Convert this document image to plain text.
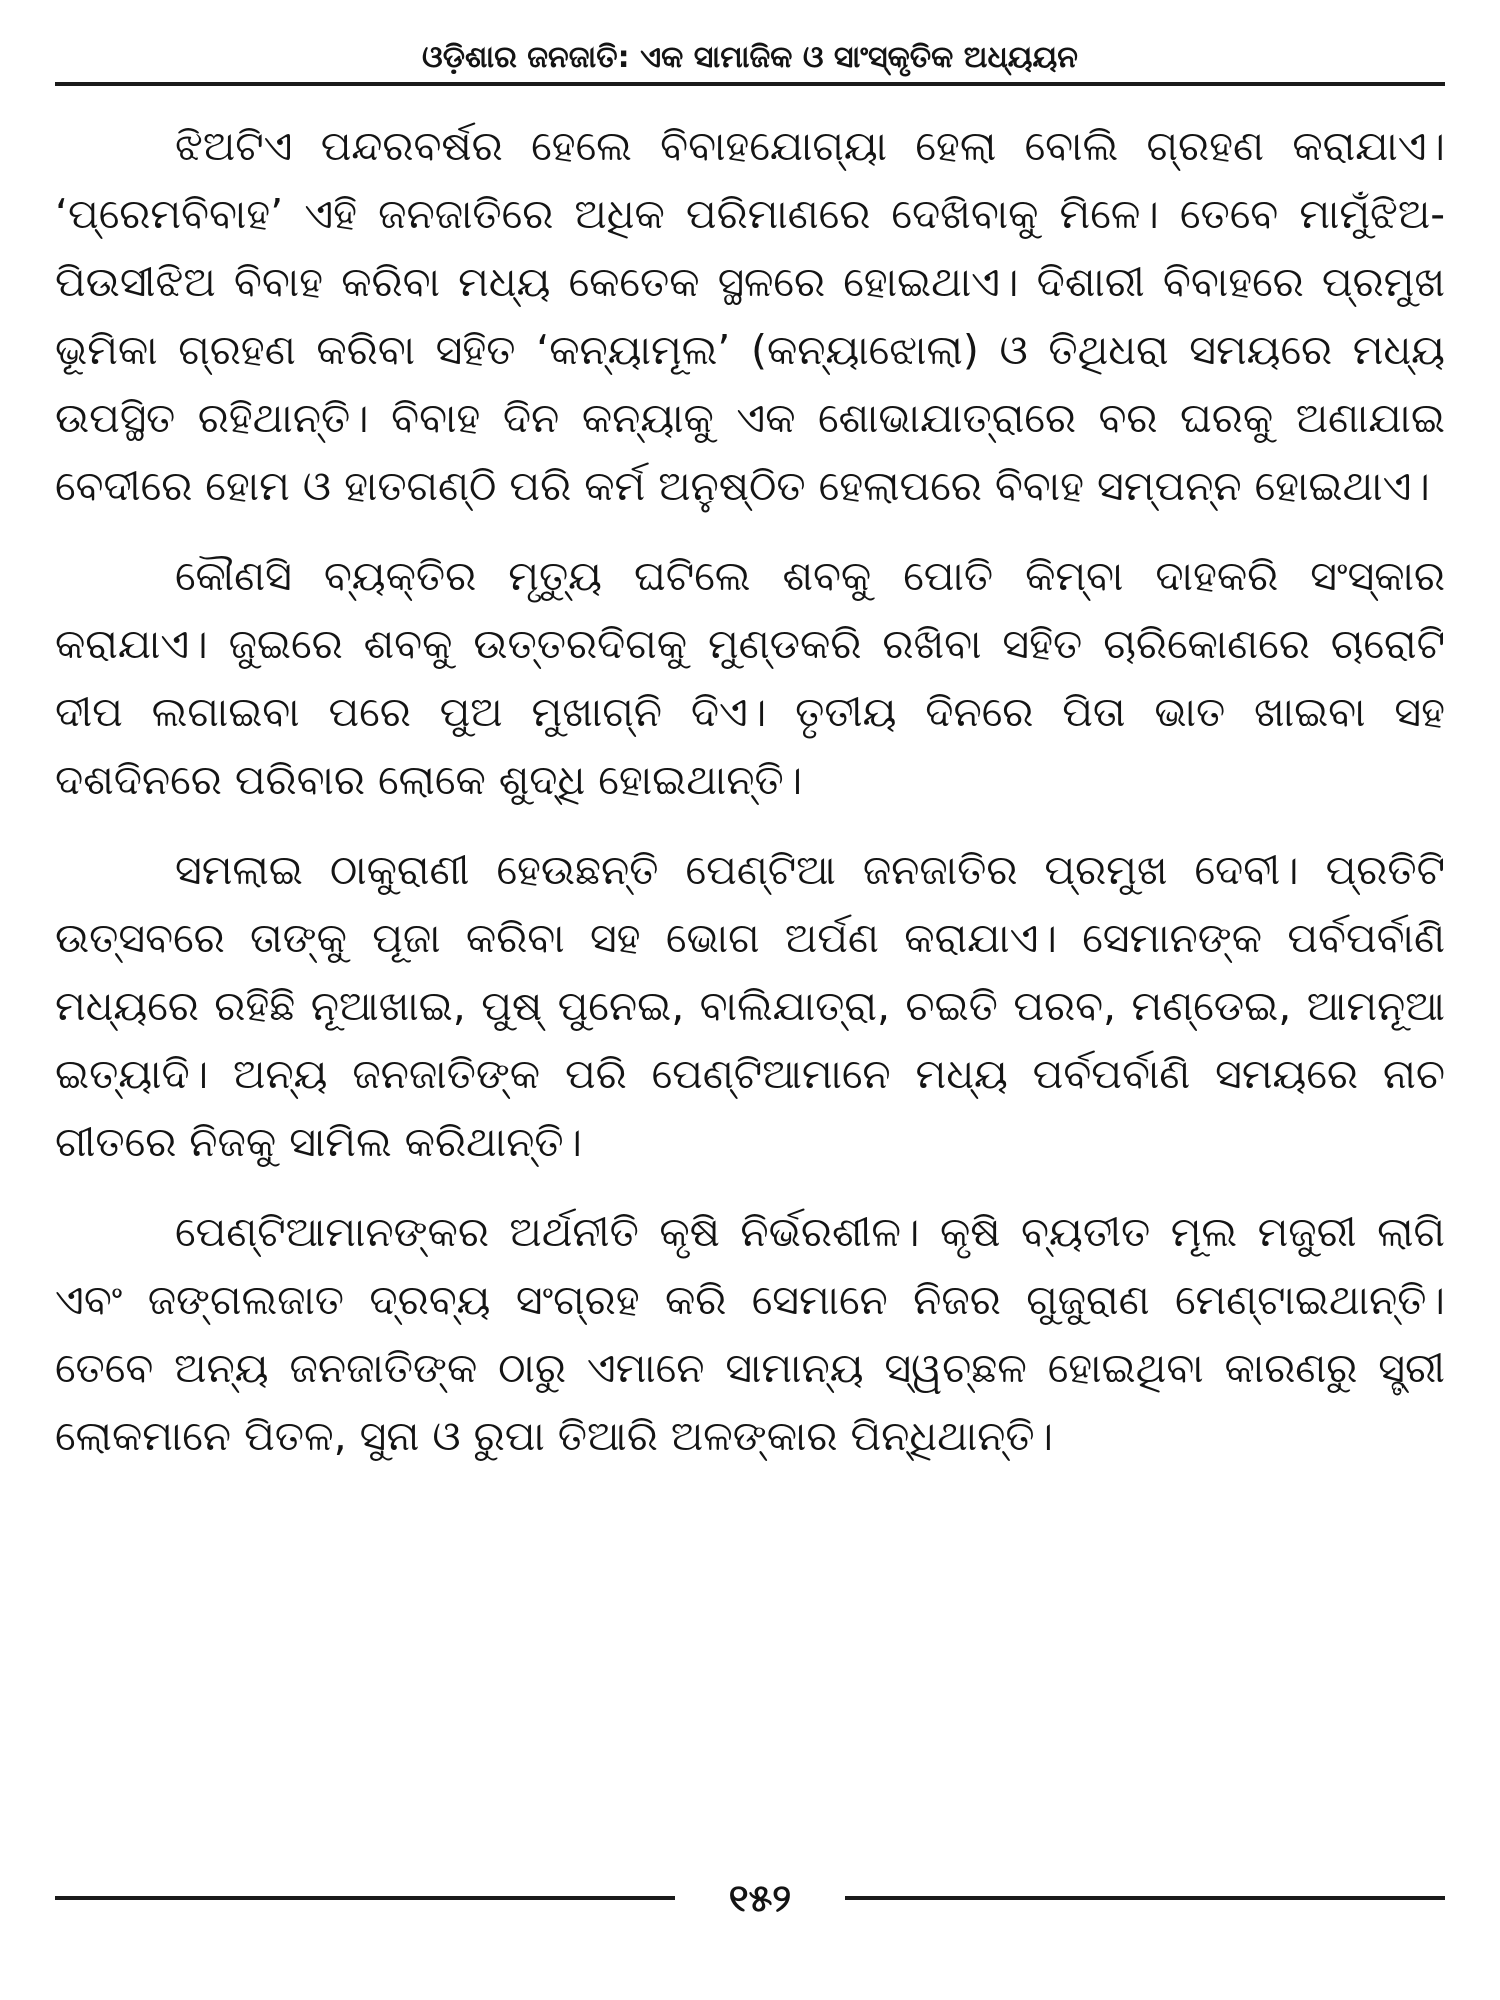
ଓଡ଼ିଶାର ଜନଜାତି: ଏକ ସାମାଜିକ ଓ ସାଂସ୍କୃତିକ ଅଧ୍ୟୟନ

ଝିଅଟିଏ ପନ୍ଦରବର୍ଷର ହେଲେ ବିବାହଯୋଗ୍ୟା ହେଲା ବୋଲି ଗ୍ରହଣ କରାଯାଏ। ‘ପ୍ରେମବିବାହ’ ଏହି ଜନଜାତିରେ ଅଧିକ ପରିମାଣରେ ଦେଖିବାକୁ ମିଳେ। ତେବେ ମାମୁଁଝିଅ-ପିଉସୀଝିଅ ବିବାହ କରିବା ମଧ୍ୟ କେତେକ ସ୍ଥଳରେ ହୋଇଥାଏ। ଦିଶାରୀ ବିବାହରେ ପ୍ରମୁଖ ଭୂମିକା ଗ୍ରହଣ କରିବା ସହିତ ‘କନ୍ୟାମୂଲ’ (କନ୍ୟାଝୋଲା) ଓ ତିଥିଧରା ସମୟରେ ମଧ୍ୟ ଉପସ୍ଥିତ ରହିଥାନ୍ତି। ବିବାହ ଦିନ କନ୍ୟାକୁ ଏକ ଶୋଭାଯାତ୍ରାରେ ବର ଘରକୁ ଅଣାଯାଇ ବେଦୀରେ ହୋମ ଓ ହାତଗଣ୍ଠି ପରି କର୍ମ ଅନୁଷ୍ଠିତ ହେଲାପରେ ବିବାହ ସମ୍ପନ୍ନ ହୋଇଥାଏ।

କୌଣସି ବ୍ୟକ୍ତିର ମୃତ୍ୟୁ ଘଟିଲେ ଶବକୁ ପୋତି କିମ୍ବା ଦାହକରି ସଂସ୍କାର କରାଯାଏ। ଜୁଇରେ ଶବକୁ ଉତ୍ତରଦିଗକୁ ମୁଣ୍ଡକରି ରଖିବା ସହିତ ଚାରିକୋଣରେ ଚାରୋଟି ଦୀପ ଲଗାଇବା ପରେ ପୁଅ ମୁଖାଗ୍ନି ଦିଏ। ତୃତୀୟ ଦିନରେ ପିତା ଭାତ ଖାଇବା ସହ ଦଶଦିନରେ ପରିବାର ଲୋକେ ଶୁଦ୍ଧି ହୋଇଥାନ୍ତି।

ସମଲାଇ ଠାକୁରାଣୀ ହେଉଛନ୍ତି ପେଣ୍ଟିଆ ଜନଜାତିର ପ୍ରମୁଖ ଦେବୀ। ପ୍ରତିଟି ଉତ୍ସବରେ ତାଙ୍କୁ ପୂଜା କରିବା ସହ ଭୋଗ ଅର୍ପଣ କରାଯାଏ। ସେମାନଙ୍କ ପର୍ବପର୍ବାଣି ମଧ୍ୟରେ ରହିଛି ନୂଆଖାଇ, ପୁଷ୍ ପୁନେଇ, ବାଲିଯାତ୍ରା, ଚଇତି ପରବ, ମଣ୍ଡେଇ, ଆମନୂଆ ଇତ୍ୟାଦି। ଅନ୍ୟ ଜନଜାତିଙ୍କ ପରି ପେଣ୍ଟିଆମାନେ ମଧ୍ୟ ପର୍ବପର୍ବାଣି ସମୟରେ ନାଚ ଗୀତରେ ନିଜକୁ ସାମିଲ କରିଥାନ୍ତି।

ପେଣ୍ଟିଆମାନଙ୍କର ଅର୍ଥନୀତି କୃଷି ନିର୍ଭରଶୀଳ। କୃଷି ବ୍ୟତୀତ ମୂଲ ମଜୁରୀ ଲାଗି ଏବଂ ଜଙ୍ଗଲଜାତ ଦ୍ରବ୍ୟ ସଂଗ୍ରହ କରି ସେମାନେ ନିଜର ଗୁଜୁରାଣ ମେଣ୍ଟାଇଥାନ୍ତି। ତେବେ ଅନ୍ୟ ଜନଜାତିଙ୍କ ଠାରୁ ଏମାନେ ସାମାନ୍ୟ ସ୍ୱଚ୍ଛଳ ହୋଇଥିବା କାରଣରୁ ସ୍ତ୍ରୀ ଲୋକମାନେ ପିତଳ, ସୁନା ଓ ରୁପା ତିଆରି ଅଳଙ୍କାର ପିନ୍ଧିଥାନ୍ତି।

୧୫୨
